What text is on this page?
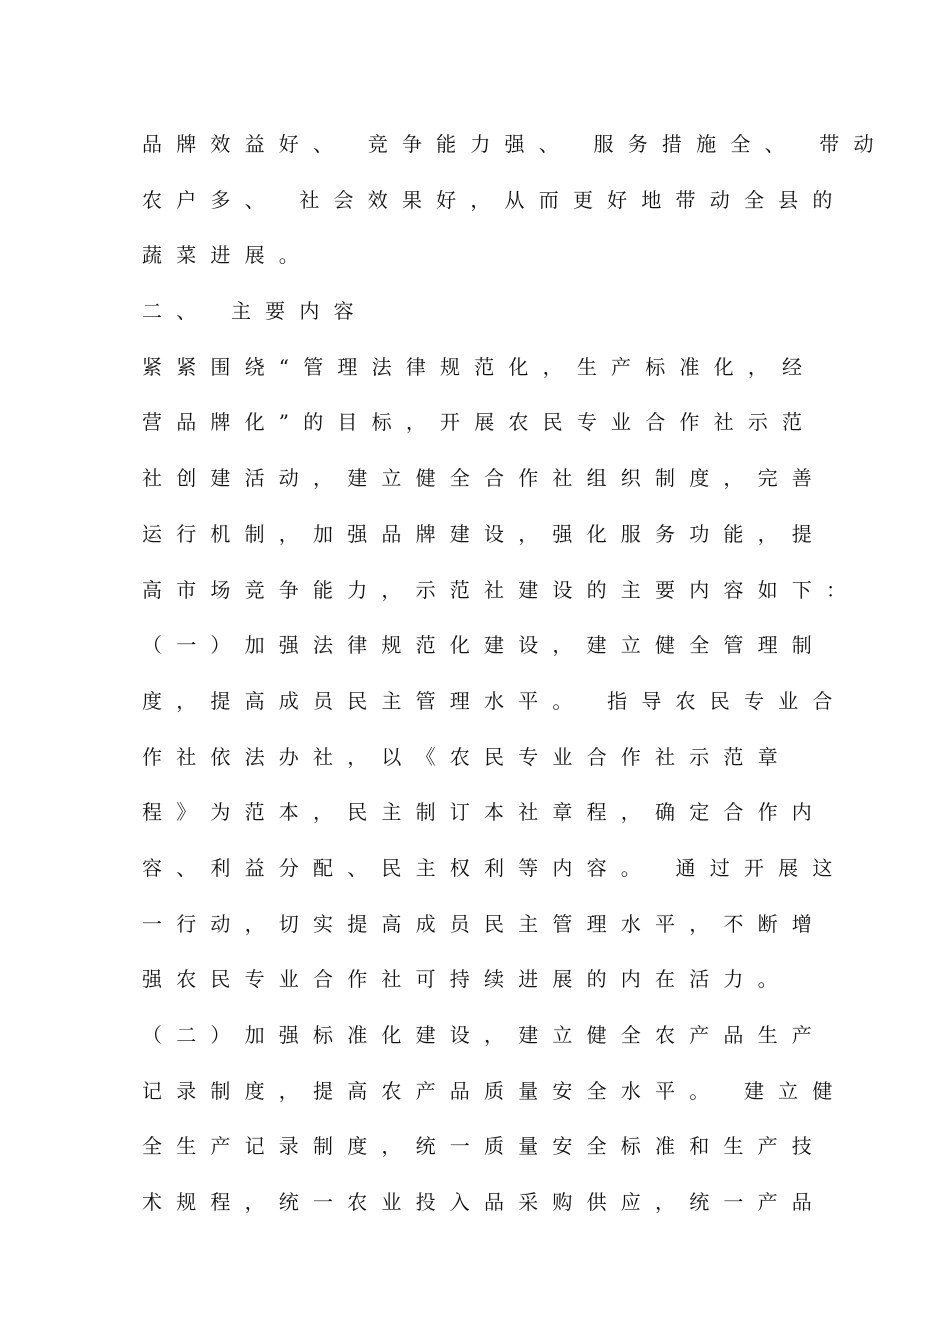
品牌效益好、 竞争能力强、 服务措施全、 带动
农户多、 社会效果好，从而更好地带动全县的
蔬菜进展。
二、 主要内容
紧紧围绕“管理法律规范化，生产标准化，经
营品牌化”的目标，开展农民专业合作社示范
社创建活动，建立健全合作社组织制度，完善
运行机制，加强品牌建设，强化服务功能，提
高市场竞争能力，示范社建设的主要内容如下：
（一）加强法律规范化建设，建立健全管理制
度，提高成员民主管理水平。 指导农民专业合
作社依法办社，以《农民专业合作社示范章
程》为范本，民主制订本社章程，确定合作内
容、利益分配、民主权利等内容。 通过开展这
一行动，切实提高成员民主管理水平，不断增
强农民专业合作社可持续进展的内在活力。
（二）加强标准化建设，建立健全农产品生产
记录制度，提高农产品质量安全水平。 建立健
全生产记录制度，统一质量安全标准和生产技
术规程，统一农业投入品采购供应，统一产品
